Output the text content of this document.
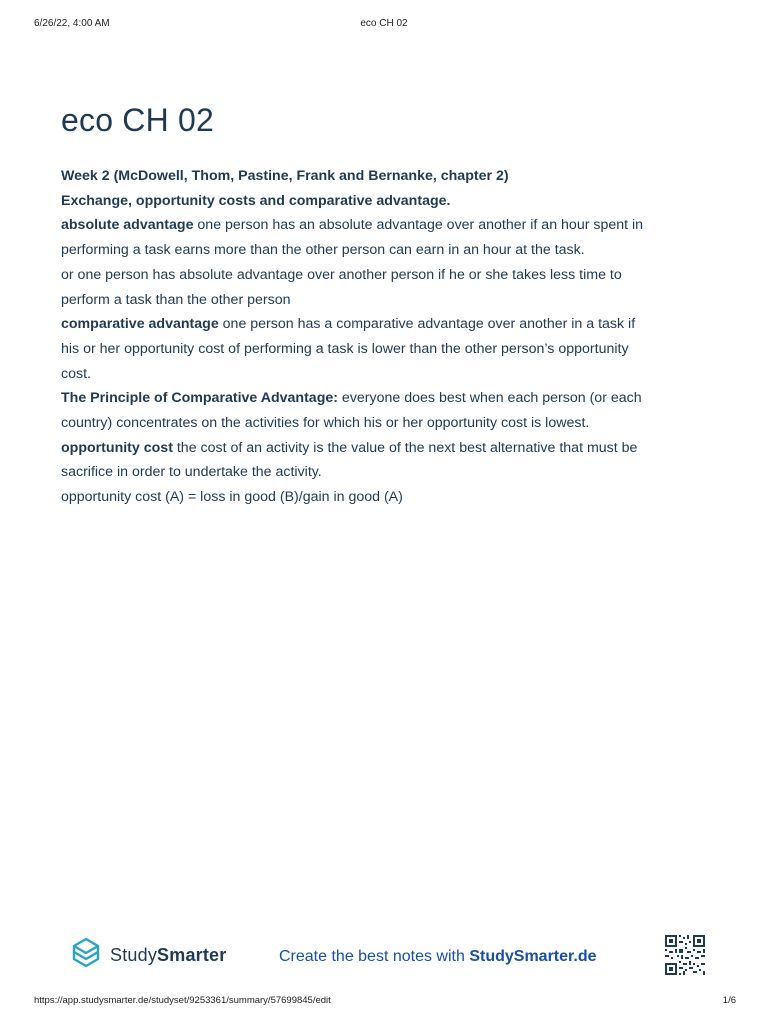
6/26/22, 4:00 AM	eco CH 02
eco CH 02

Week 2 (McDowell, Thom, Pastine, Frank and Bernanke, chapter 2)

Exchange, opportunity costs and comparative advantage.

absolute advantage one person has an absolute advantage over another if an hour spent in

performing a task earns more than the other person can earn in an hour at the task.

or one person has absolute advantage over another person if he or she takes less time to

perform a task than the other person

comparative advantage one person has a comparative advantage over another in a task if

his or her opportunity cost of performing a task is lower than the other person’s opportunity

cost.

The Principle of Comparative Advantage: everyone does best when each person (or each

country) concentrates on the activities for which his or her opportunity cost is lowest.

opportunity cost the cost of an activity is the value of the next best alternative that must be

sacrifice in order to undertake the activity.

opportunity cost (A) = loss in good (B)/gain in good (A)

StudySmarter	Create the best notes with StudySmarter.de
https://app.studysmarter.de/studyset/9253361/summary/57699845/edit	1/6
